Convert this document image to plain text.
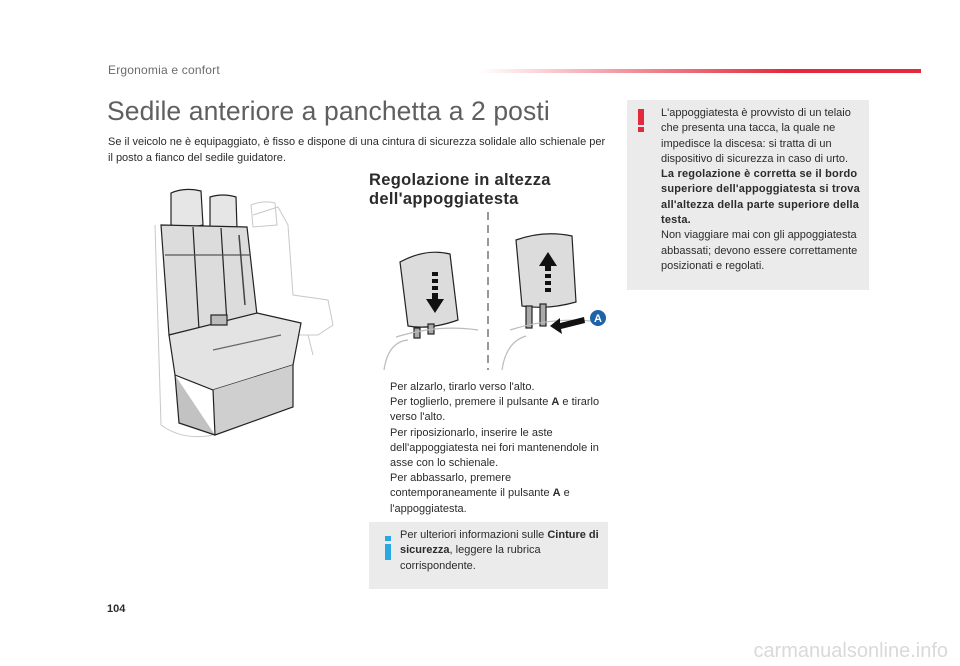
Ergonomia e confort
Sedile anteriore a panchetta a 2 posti

Se il veicolo ne è equipaggiato, è fisso e dispone di una cintura di sicurezza solidale allo schienale per il posto a fianco del sedile guidatore.

Regolazione in altezza dell'appoggiatesta
A
Per alzarlo, tirarlo verso l'alto.
Per toglierlo, premere il pulsante A e tirarlo verso l'alto.
Per riposizionarlo, inserire le aste dell'appoggiatesta nei fori mantenendole in asse con lo schienale.
Per abbassarlo, premere contemporaneamente il pulsante A e l'appoggiatesta.
Per ulteriori informazioni sulle Cinture di sicurezza, leggere la rubrica corrispondente.
L'appoggiatesta è provvisto di un telaio che presenta una tacca, la quale ne impedisce la discesa: si tratta di un dispositivo di sicurezza in caso di urto.
La regolazione è corretta se il bordo superiore dell'appoggiatesta si trova all'altezza della parte superiore della testa.
Non viaggiare mai con gli appoggiatesta abbassati; devono essere correttamente posizionati e regolati.
104
carmanualsonline.info
